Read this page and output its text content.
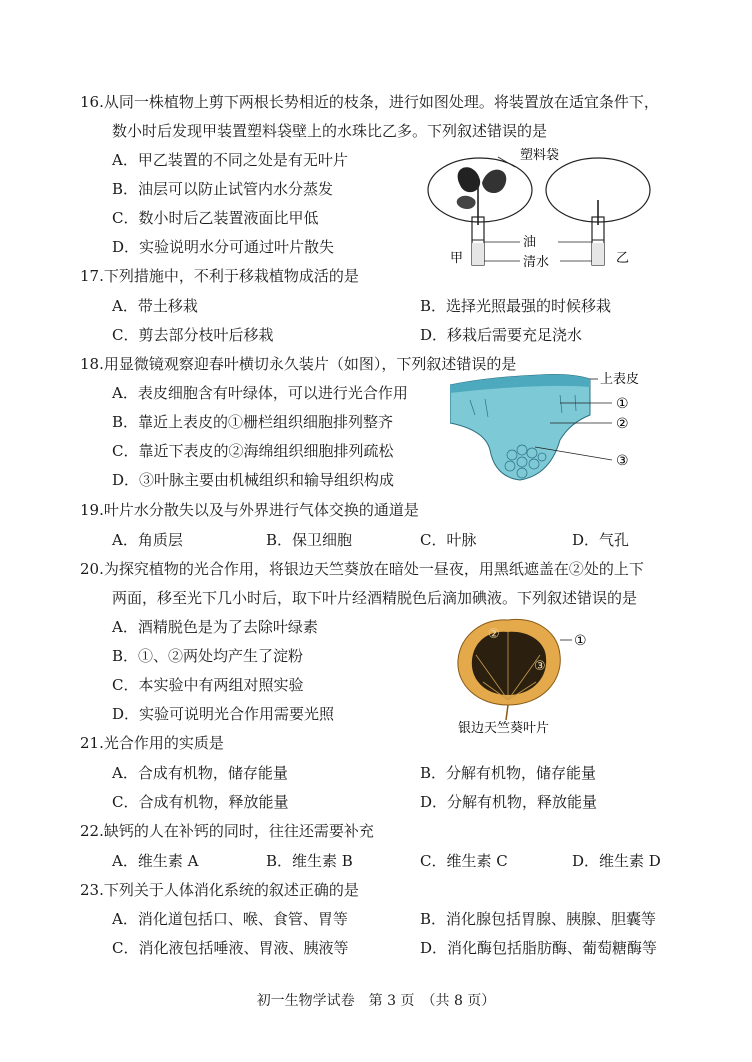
16.从同一株植物上剪下两根长势相近的枝条，进行如图处理。将装置放在适宜条件下，
数小时后发现甲装置塑料袋壁上的水珠比乙多。下列叙述错误的是
A．甲乙装置的不同之处是有无叶片
B．油层可以防止试管内水分蒸发
C．数小时后乙装置液面比甲低
D．实验说明水分可通过叶片散失
塑料袋
油
清水
甲	乙
17.下列措施中，不利于移栽植物成活的是
A．带土移栽	B．选择光照最强的时候移栽
C．剪去部分枝叶后移栽	D．移栽后需要充足浇水
18.用显微镜观察迎春叶横切永久装片（如图），下列叙述错误的是
A．表皮细胞含有叶绿体，可以进行光合作用
B．靠近上表皮的①栅栏组织细胞排列整齐
C．靠近下表皮的②海绵组织细胞排列疏松
D．③叶脉主要由机械组织和输导组织构成
上表皮
①
②
③
19.叶片水分散失以及与外界进行气体交换的通道是
A．角质层	B．保卫细胞	C．叶脉	D．气孔
20.为探究植物的光合作用，将银边天竺葵放在暗处一昼夜，用黑纸遮盖在②处的上下
两面，移至光下几小时后，取下叶片经酒精脱色后滴加碘液。下列叙述错误的是
A．酒精脱色是为了去除叶绿素
B．①、②两处均产生了淀粉
C．本实验中有两组对照实验
D．实验可说明光合作用需要光照
②	①
③
银边天竺葵叶片
21.光合作用的实质是
A．合成有机物，储存能量	B．分解有机物，储存能量
C．合成有机物，释放能量	D．分解有机物，释放能量
22.缺钙的人在补钙的同时，往往还需要补充
A．维生素 A	B．维生素 B	C．维生素 C	D．维生素 D
23.下列关于人体消化系统的叙述正确的是
A．消化道包括口、喉、食管、胃等	B．消化腺包括胃腺、胰腺、胆囊等
C．消化液包括唾液、胃液、胰液等	D．消化酶包括脂肪酶、葡萄糖酶等
初一生物学试卷　第 3 页　（共 8 页）
